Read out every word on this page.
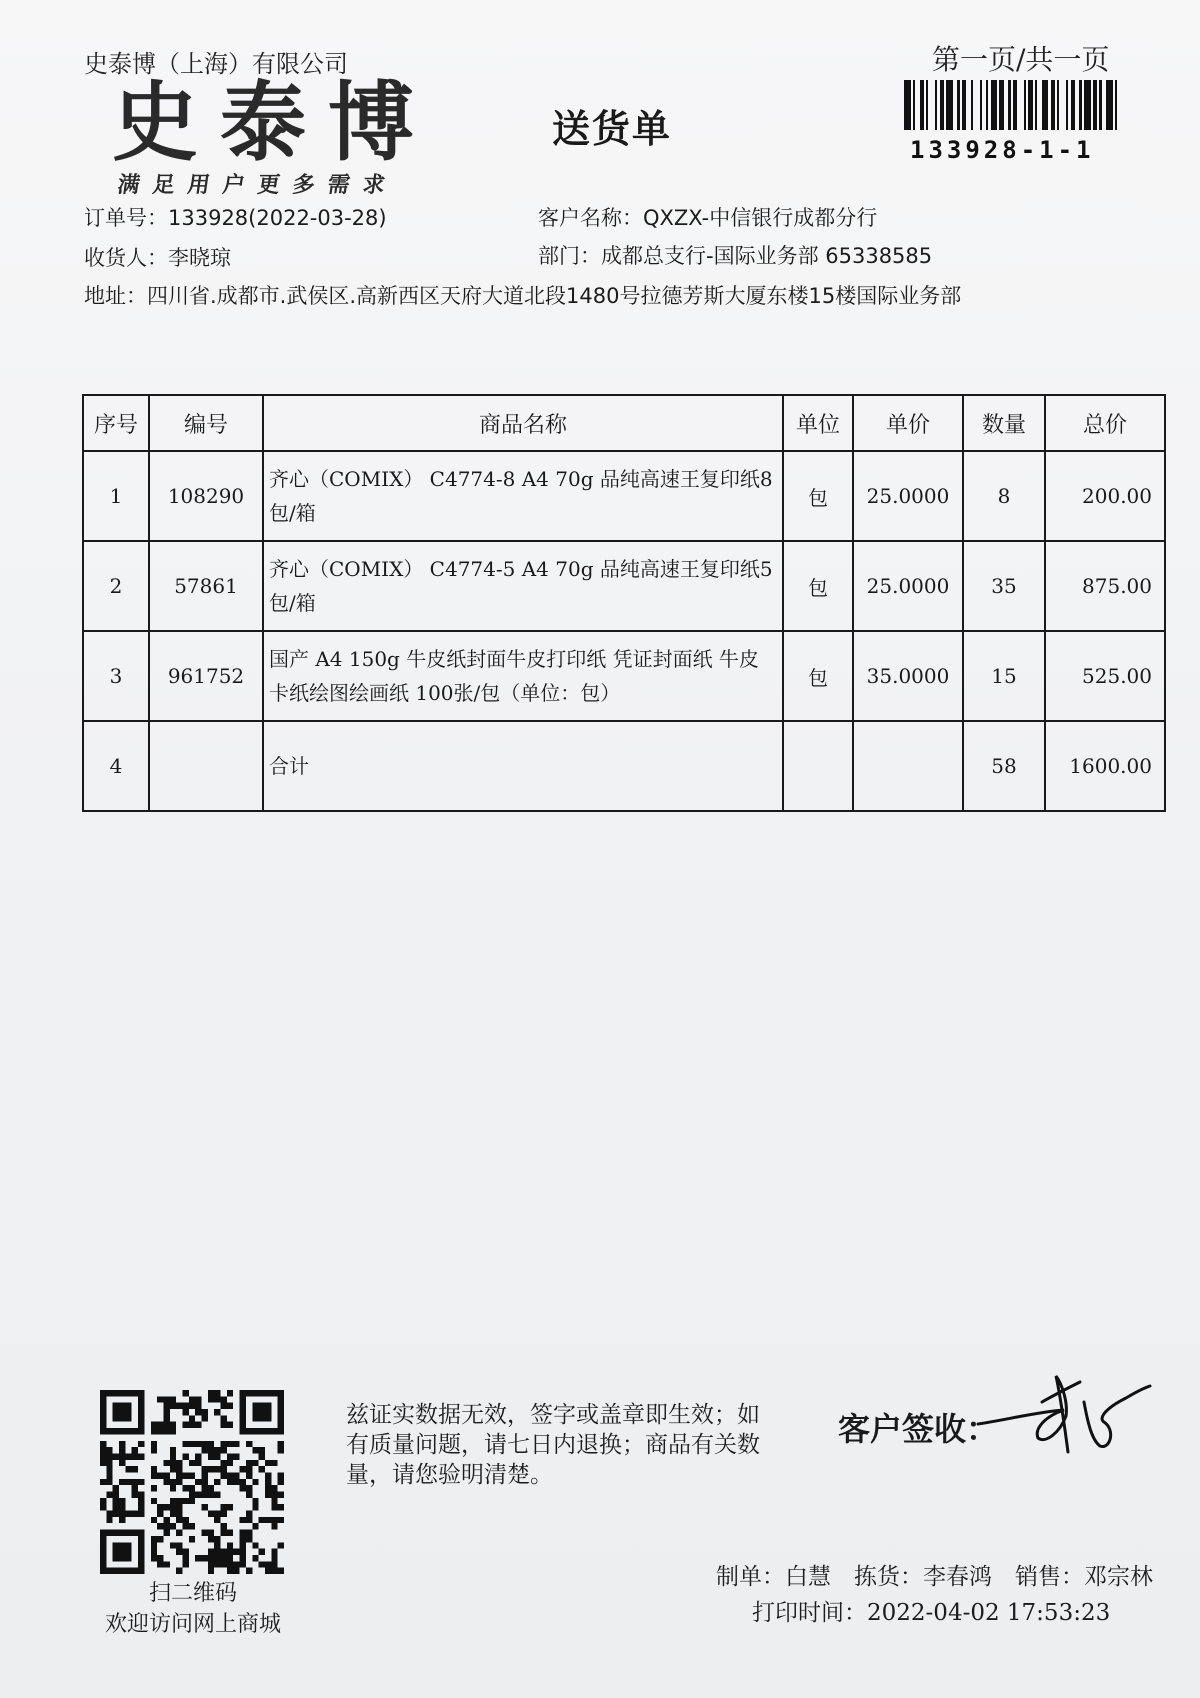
史泰博（上海）有限公司
史泰博
满足用户更多需求
送货单
第一页/共一页
133928-1-1
订单号：133928(2022-03-28)
收货人：李晓琼
客户名称：QXZX-中信银行成都分行
部门：成都总支行-国际业务部 65338585
地址：四川省.成都市.武侯区.高新西区天府大道北段1480号拉德芳斯大厦东楼15楼国际业务部
序号	编号	商品名称	单位	单价	数量	总价
1	108290	齐心（COMIX） C4774-8 A4 70g 品纯高速王复印纸8包/箱	包	25.0000	8	200.00
2	57861	齐心（COMIX） C4774-5 A4 70g 品纯高速王复印纸5包/箱	包	25.0000	35	875.00
3	961752	国产 A4 150g 牛皮纸封面牛皮打印纸 凭证封面纸 牛皮卡纸绘图绘画纸 100张/包（单位：包）	包	35.0000	15	525.00
4		合计			58	1600.00
扫二维码
欢迎访问网上商城
兹证实数据无效，签字或盖章即生效；如有质量问题，请七日内退换；商品有关数量，请您验明清楚。
客户签收：
制单：白慧　拣货：李春鸿　销售：邓宗林
打印时间：2022-04-02 17:53:23
